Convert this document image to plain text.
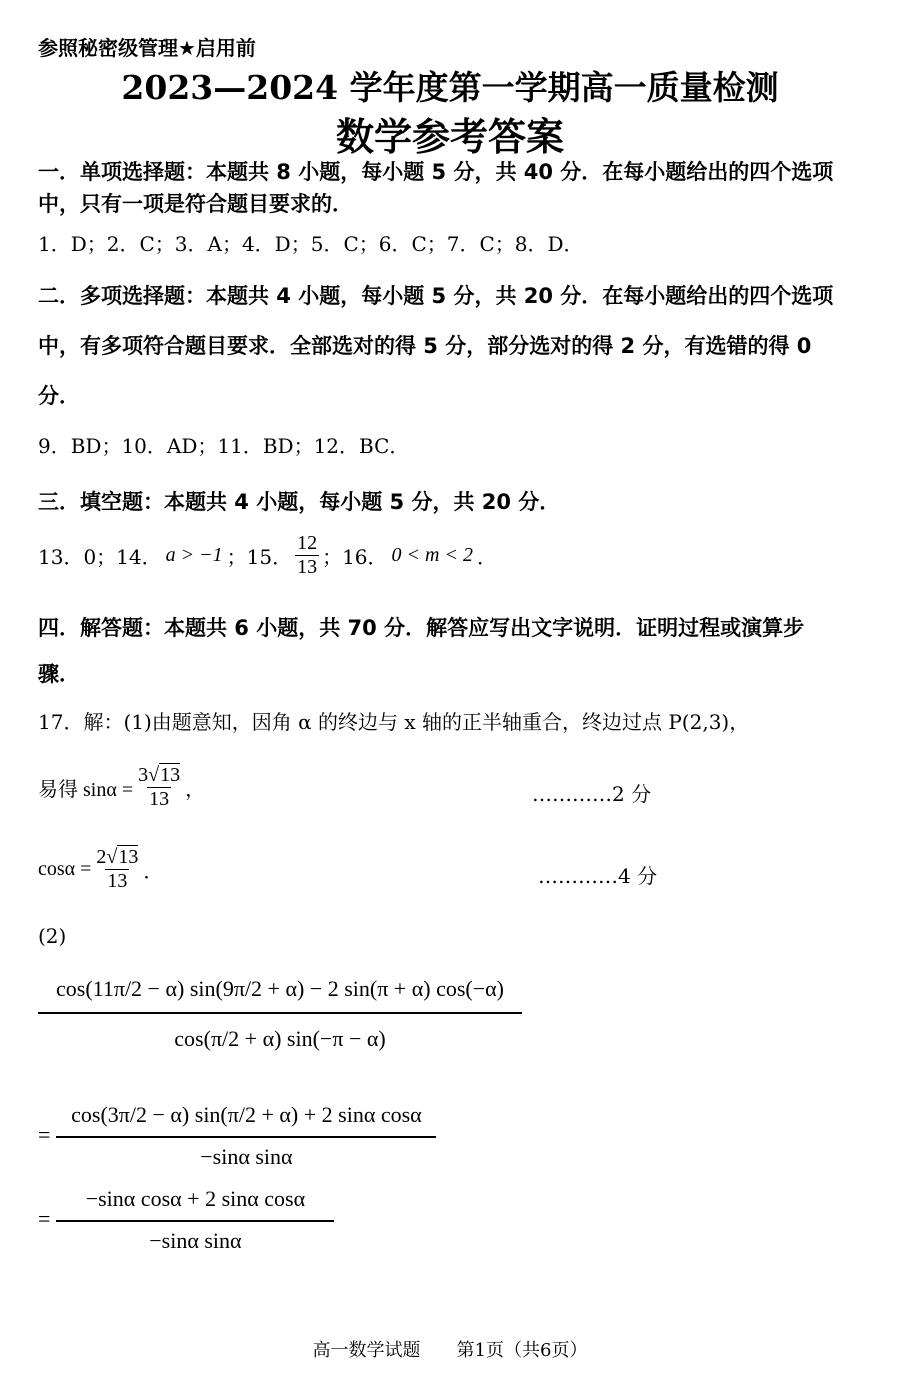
参照秘密级管理★启用前
2023—2024 学年度第一学期高一质量检测
数学参考答案
一．单项选择题：本题共 8 小题，每小题 5 分，共 40 分．在每小题给出的四个选项
中，只有一项是符合题目要求的．
1．D；2．C；3．A；4．D；5．C；6．C；7．C；8．D．
二．多项选择题：本题共 4 小题，每小题 5 分，共 20 分．在每小题给出的四个选项
中，有多项符合题目要求．全部选对的得 5 分，部分选对的得 2 分，有选错的得 0
分．
9．BD；10．AD；11．BD；12．BC．
三．填空题：本题共 4 小题，每小题 5 分，共 20 分．
13．0；14． a > −1 ；15． $\frac{12}{13}$ ；16． 0 < m < 2 ．
四．解答题：本题共 6 小题，共 70 分．解答应写出文字说明．证明过程或演算步
骤．
17．解：(1)由题意知，因角 α 的终边与 x 轴的正半轴重合，终边过点 P(2,3)，
易得 $\sin\alpha = \frac{3√13}{13}$ ，	…………2 分
$\cos\alpha = \frac{2√13}{13}$ ．	…………4 分
(2)
cos(11π/2 − α) sin(9π/2 + α) − 2 sin(π + α) cos(−α)
cos(π/2 + α) sin(−π − α)
=
cos(3π/2 − α) sin(π/2 + α) + 2 sinα cosα
−sinα sinα
=
−sinα cosα + 2 sinα cosα
−sinα sinα
高一数学试题　　第1页（共6页）
